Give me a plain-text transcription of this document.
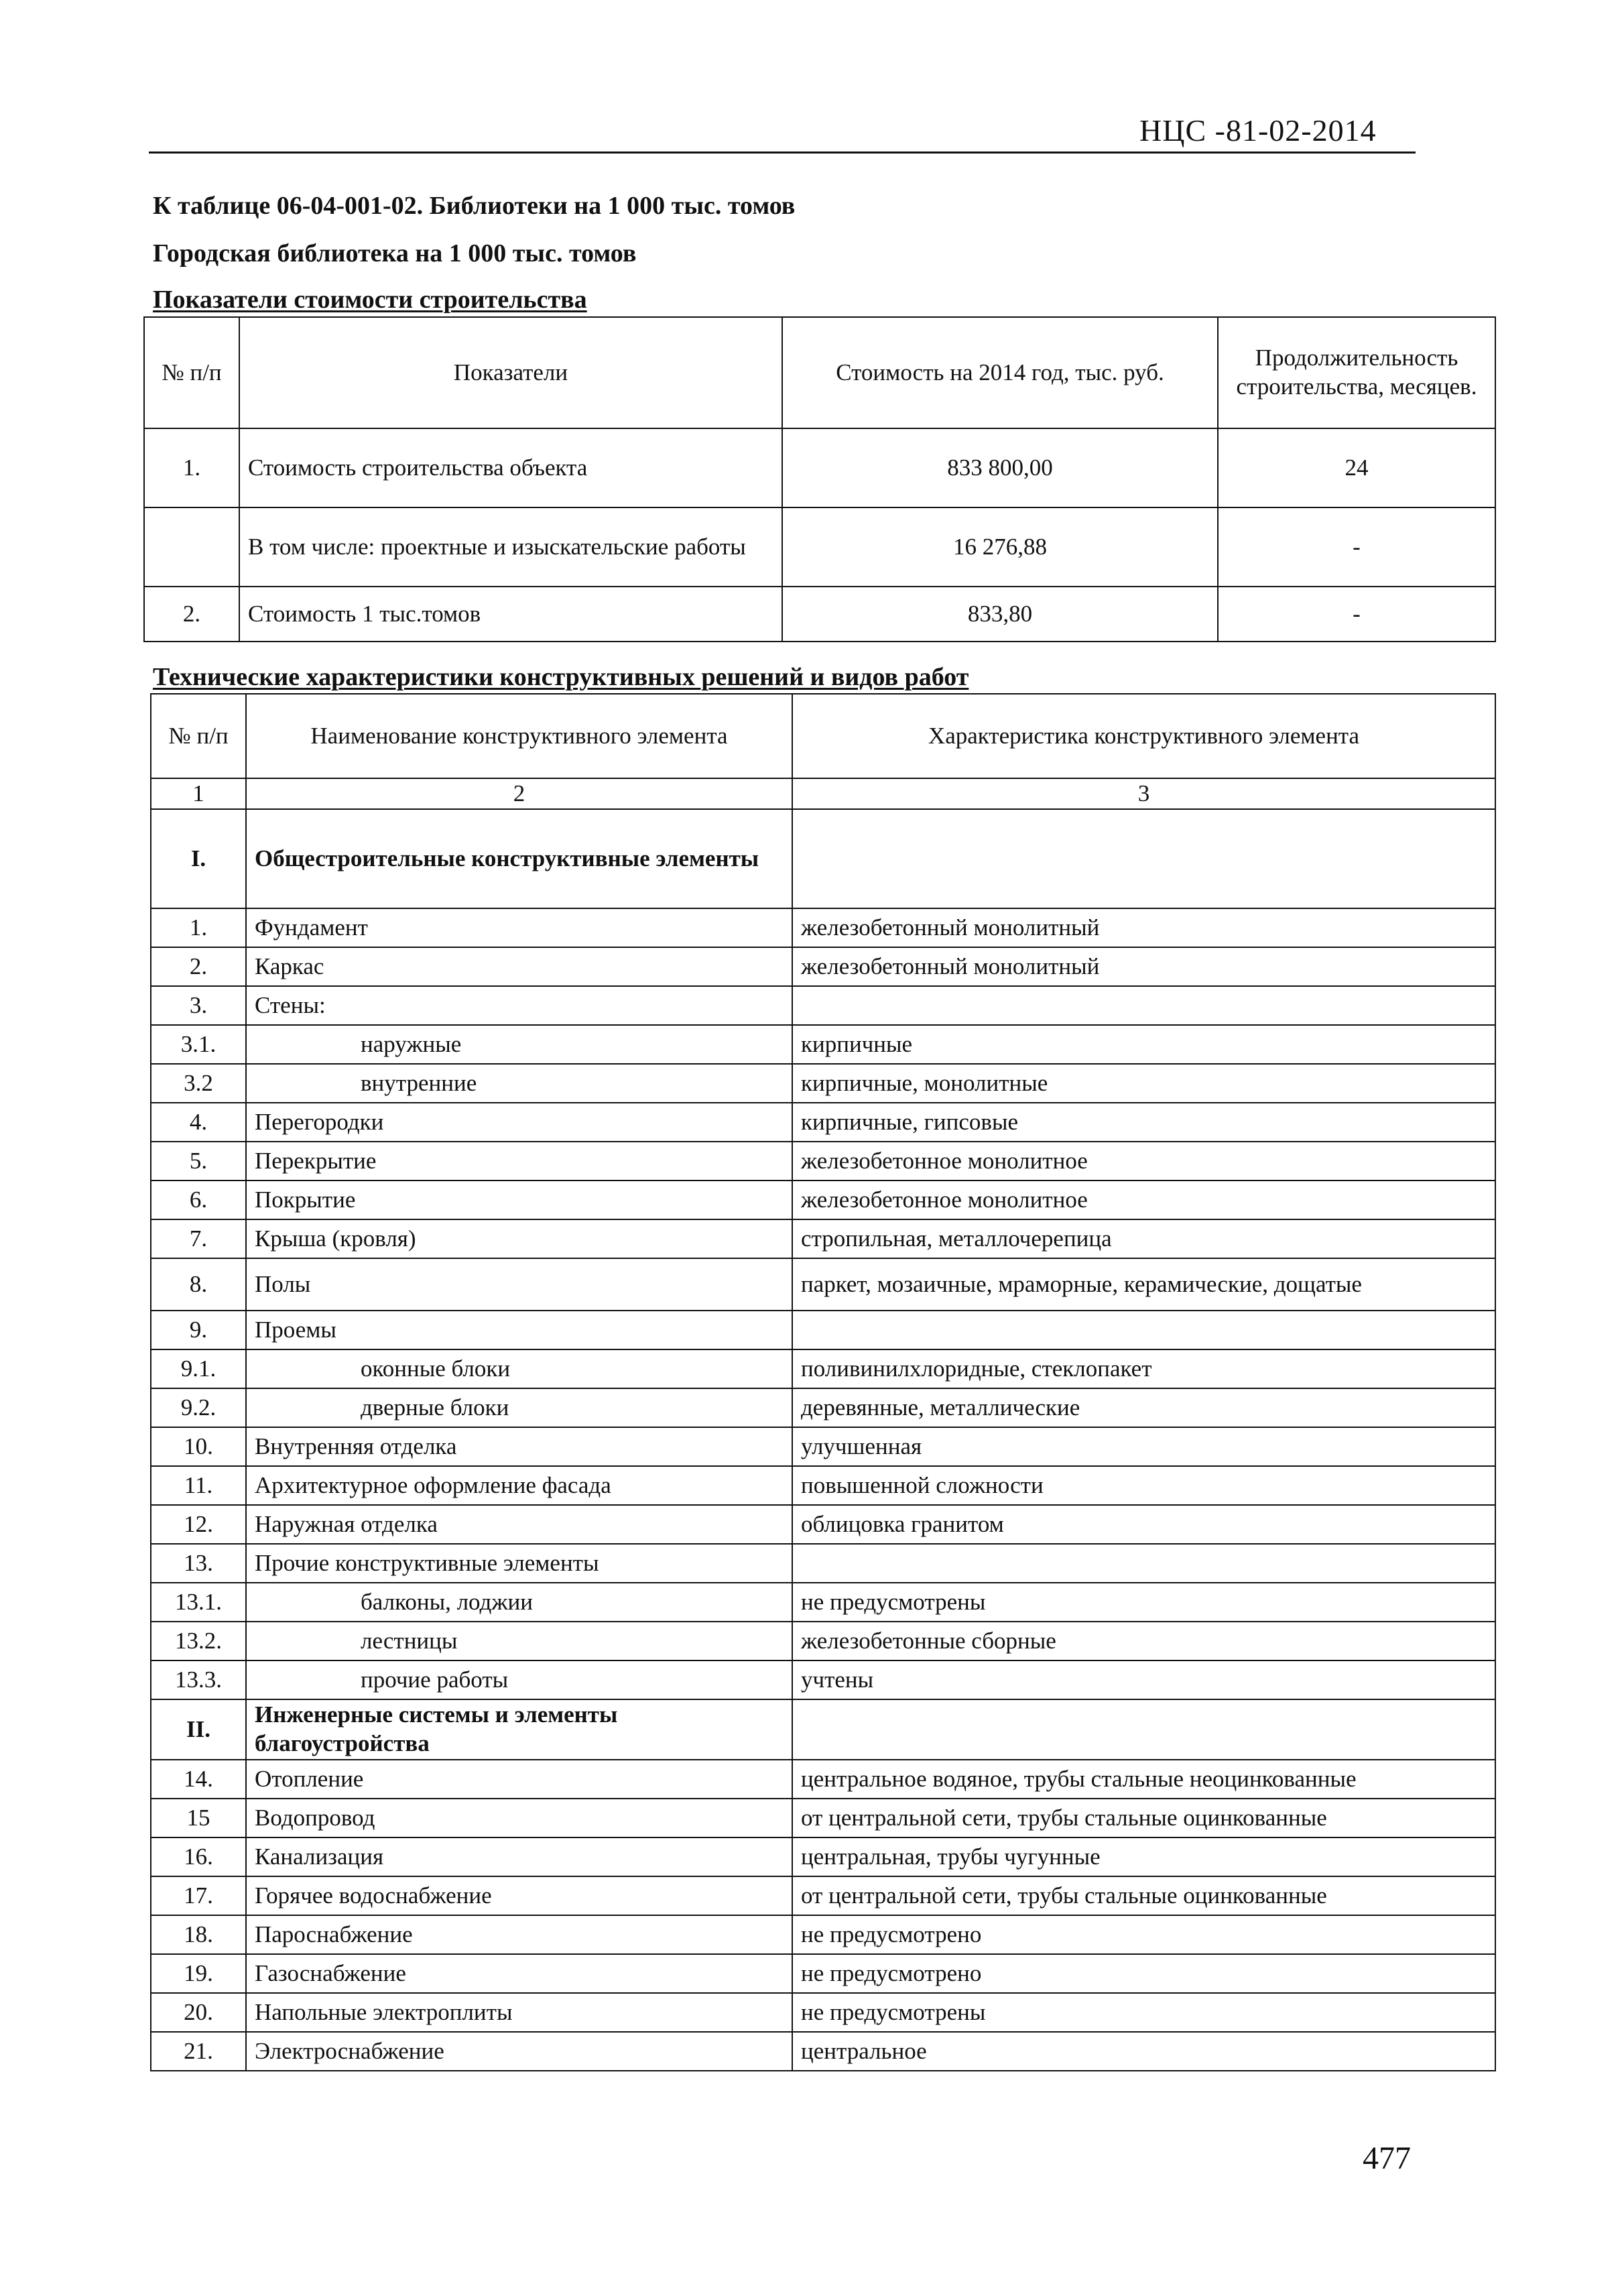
НЦС -81-02-2014
К таблице 06-04-001-02. Библиотеки на 1 000 тыс. томов
Городская библиотека на 1 000 тыс. томов
Показатели стоимости строительства
№ п/п	Показатели	Стоимость на 2014 год, тыс. руб.	Продолжительность строительства, месяцев.
1.	Стоимость строительства объекта	833 800,00	24
	В том числе: проектные и изыскательские работы	16 276,88	-
2.	Стоимость 1 тыс.томов	833,80	-
Технические характеристики конструктивных решений и видов работ
№ п/п	Наименование конструктивного элемента	Характеристика конструктивного элемента
1	2	3
I.	Общестроительные конструктивные элементы	
1.	Фундамент	железобетонный монолитный
2.	Каркас	железобетонный монолитный
3.	Стены:	
3.1.	наружные	кирпичные
3.2	внутренние	кирпичные, монолитные
4.	Перегородки	кирпичные, гипсовые
5.	Перекрытие	железобетонное монолитное
6.	Покрытие	железобетонное монолитное
7.	Крыша (кровля)	стропильная, металлочерепица
8.	Полы	паркет, мозаичные, мраморные, керамические, дощатые
9.	Проемы	
9.1.	оконные блоки	поливинилхлоридные, стеклопакет
9.2.	дверные блоки	деревянные, металлические
10.	Внутренняя отделка	улучшенная
11.	Архитектурное оформление фасада	повышенной сложности
12.	Наружная отделка	облицовка гранитом
13.	Прочие конструктивные элементы	
13.1.	балконы, лоджии	не предусмотрены
13.2.	лестницы	железобетонные сборные
13.3.	прочие работы	учтены
II.	Инженерные системы и элементы благоустройства	
14.	Отопление	центральное водяное, трубы стальные неоцинкованные
15	Водопровод	от центральной сети, трубы стальные оцинкованные
16.	Канализация	центральная, трубы чугунные
17.	Горячее водоснабжение	от центральной сети, трубы стальные оцинкованные
18.	Пароснабжение	не предусмотрено
19.	Газоснабжение	не предусмотрено
20.	Напольные электроплиты	не предусмотрены
21.	Электроснабжение	центральное
477
